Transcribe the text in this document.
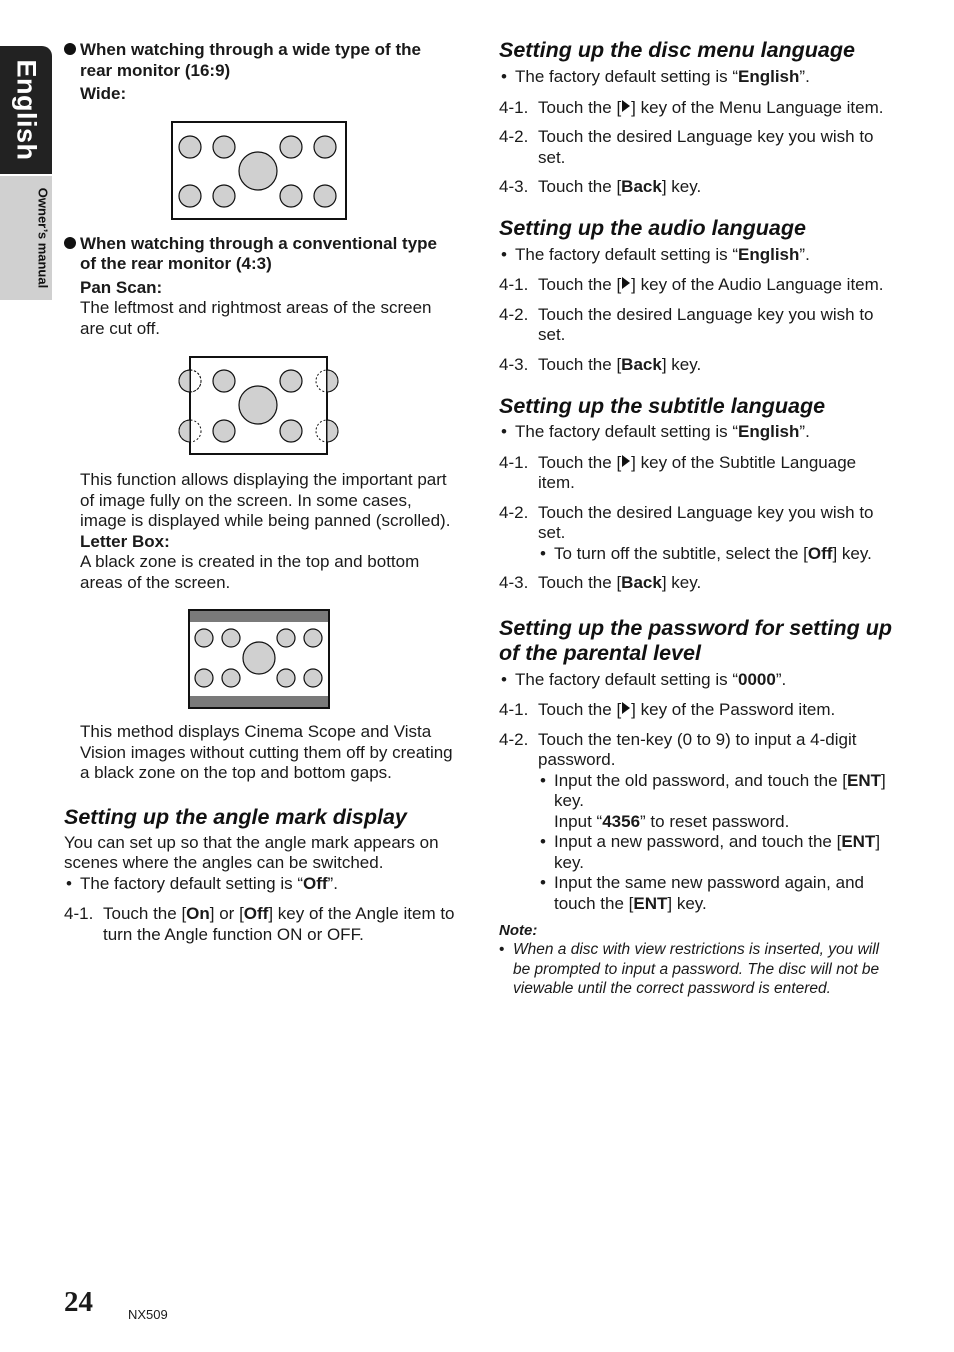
English
Owner’s manual

When watching through a wide type of the rear monitor (16:9)

Wide:

When watching through a conventional type of the rear monitor (4:3)

Pan Scan:

The leftmost and rightmost areas of the screen are cut off.

This function allows displaying the important part of image fully on the screen. In some cases, image is displayed while being panned (scrolled).

Letter Box:

A black zone is created in the top and bottom areas of the screen.

This method displays Cinema Scope and Vista Vision images without cutting them off by creating a black zone on the top and bottom gaps.

Setting up the angle mark display

You can set up so that the angle mark appears on scenes where the angles can be switched.

• The factory default setting is “Off”.

4-1. Touch the [On] or [Off] key of the Angle item to turn the Angle function ON or OFF.

Setting up the disc menu language

• The factory default setting is “English”.

4-1. Touch the [ ] key of the Menu Language item.

4-2. Touch the desired Language key you wish to set.

4-3. Touch the [Back] key.

Setting up the audio language

• The factory default setting is “English”.

4-1. Touch the [ ] key of the Audio Language item.

4-2. Touch the desired Language key you wish to set.

4-3. Touch the [Back] key.

Setting up the subtitle language

• The factory default setting is “English”.

4-1. Touch the [ ] key of the Subtitle Language item.

4-2. Touch the desired Language key you wish to set.

• To turn off the subtitle, select the [Off] key.

4-3. Touch the [Back] key.

Setting up the password for setting up of the parental level

• The factory default setting is “0000”.

4-1. Touch the [ ] key of the Password item.

4-2. Touch the ten-key (0 to 9) to input a 4-digit password.

• Input the old password, and touch the [ENT] key.

Input “4356” to reset password.

• Input a new password, and touch the [ENT] key.

• Input the same new password again, and touch the [ENT] key.

Note:

• When a disc with view restrictions is inserted, you will be prompted to input a password. The disc will not be viewable until the correct password is entered.

24	NX509
